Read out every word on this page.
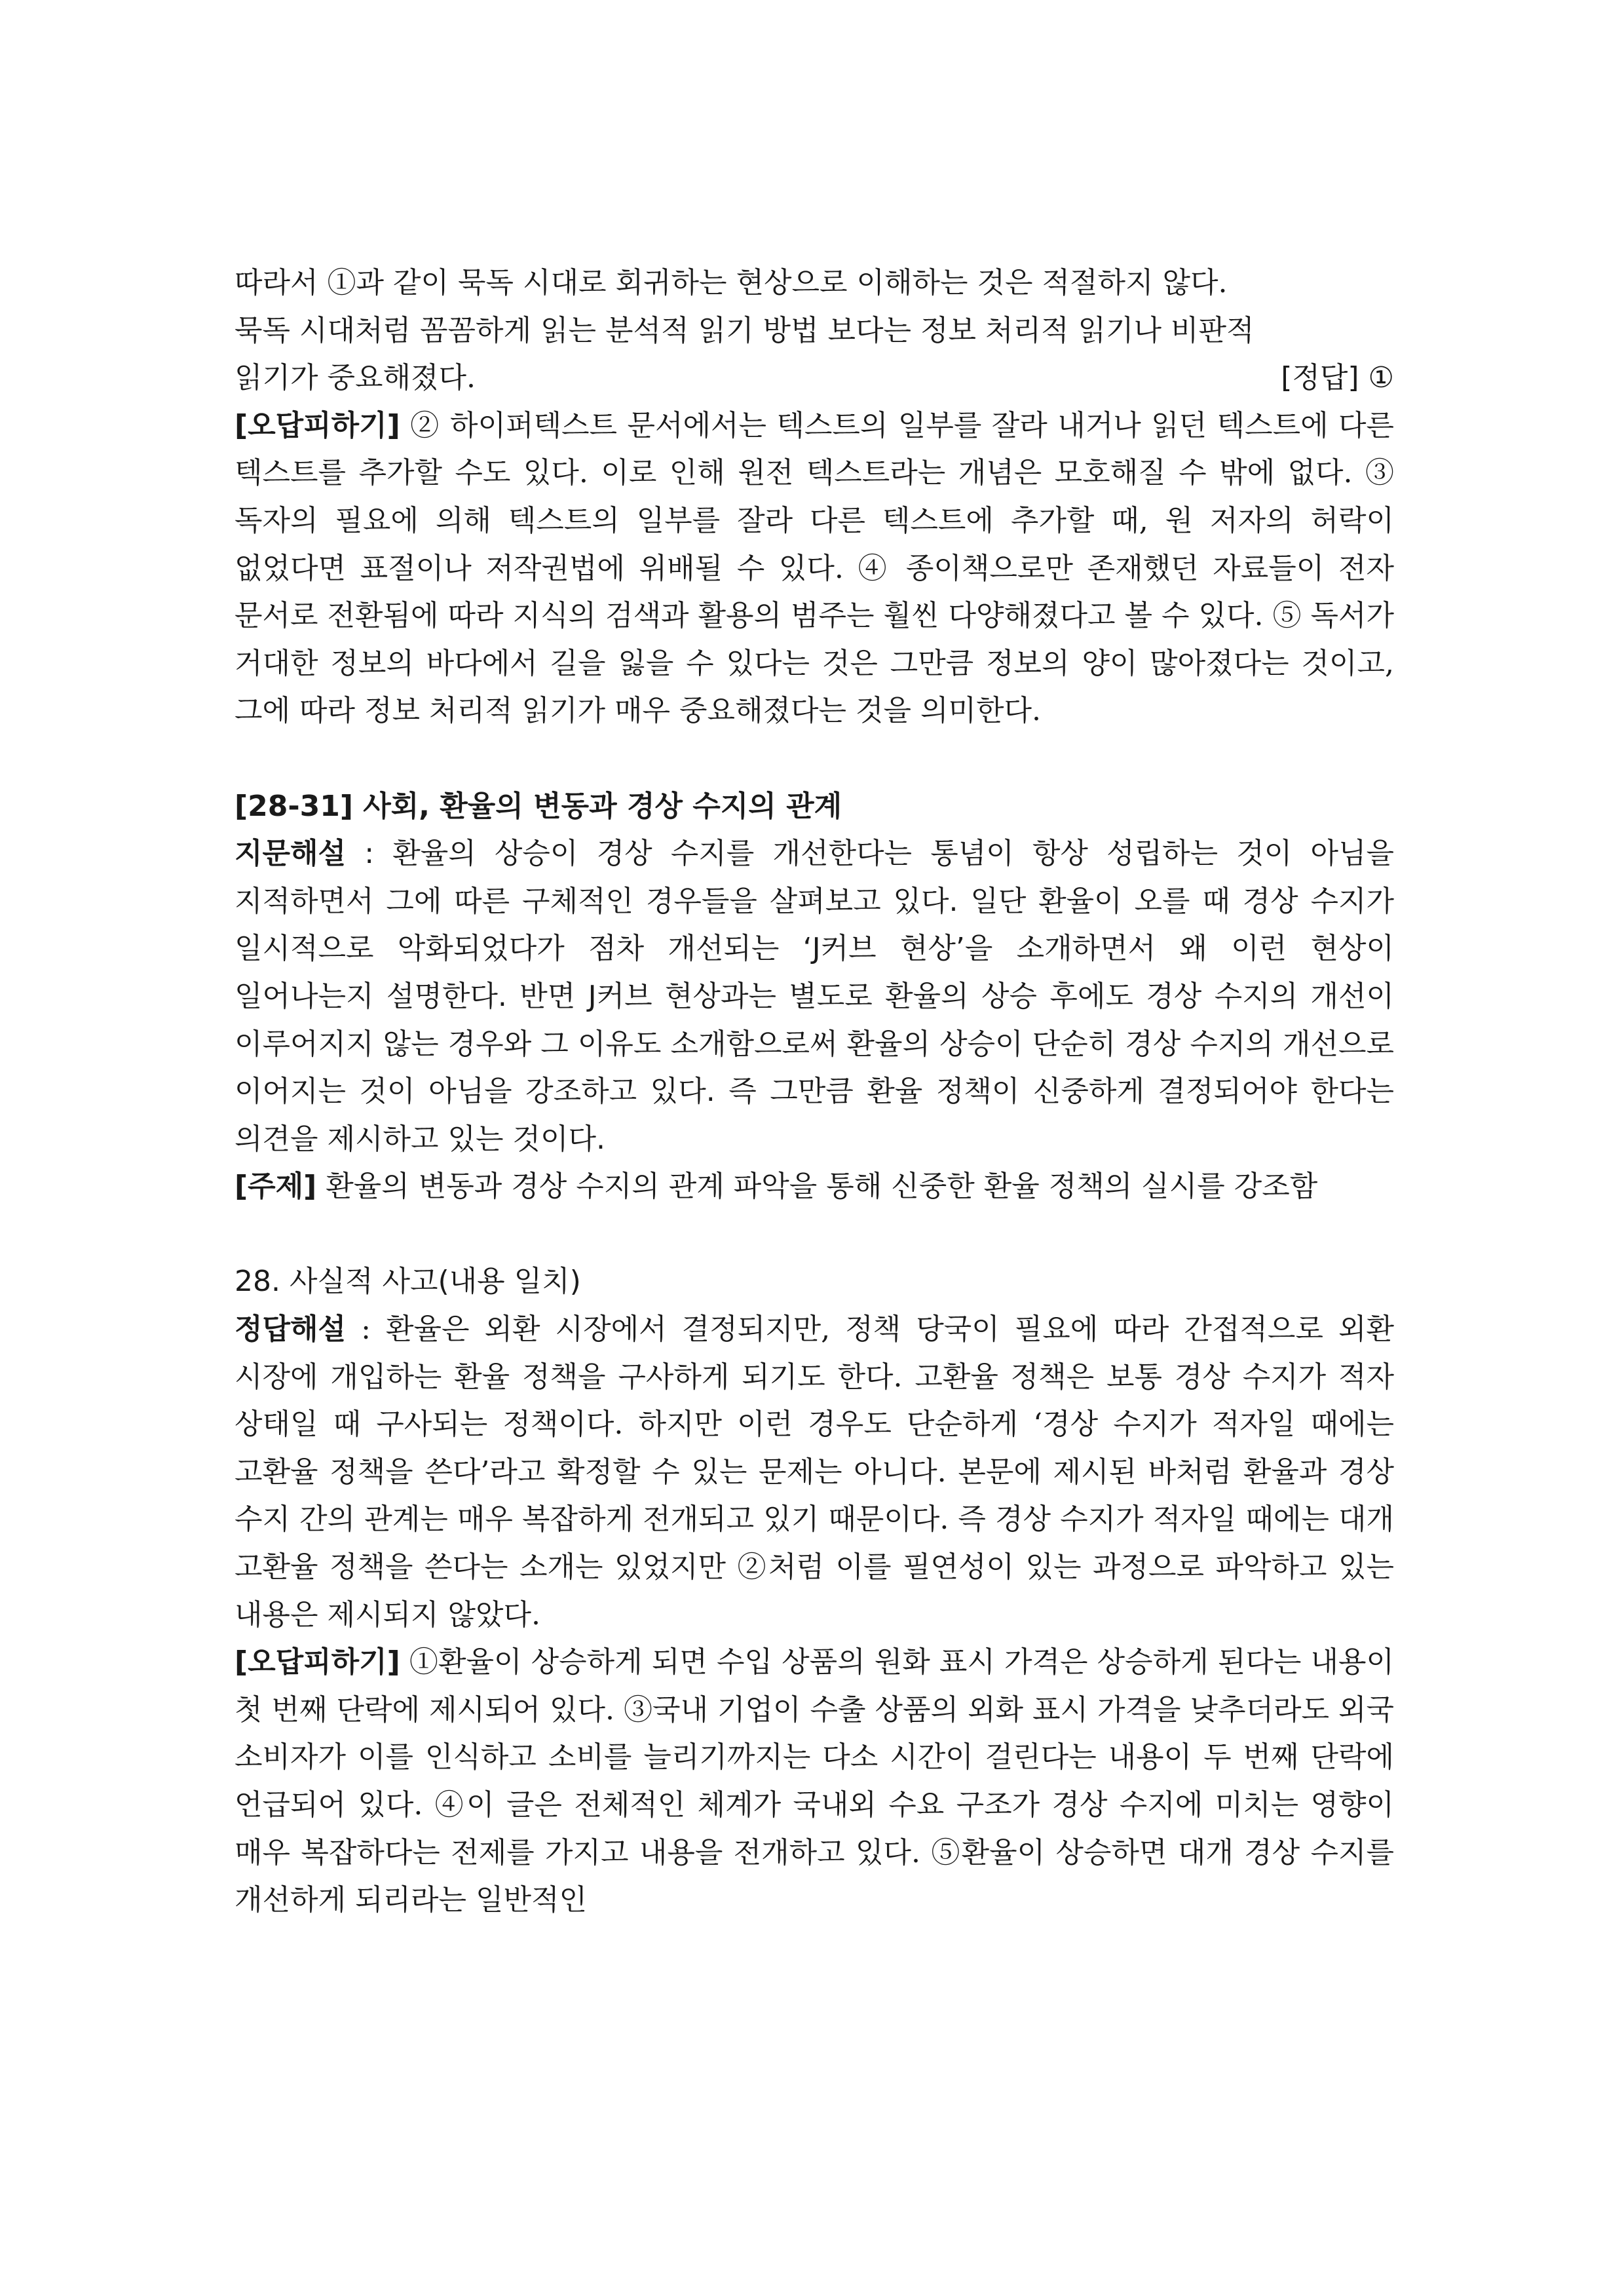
따라서 ①과 같이 묵독 시대로 회귀하는 현상으로 이해하는 것은 적절하지 않다.

묵독 시대처럼 꼼꼼하게 읽는 분석적 읽기 방법 보다는 정보 처리적 읽기나 비판적

읽기가 중요해졌다.	[정답] ①

[오답피하기] ② 하이퍼텍스트 문서에서는 텍스트의 일부를 잘라 내거나 읽던 텍스트에 다른 텍스트를 추가할 수도 있다. 이로 인해 원전 텍스트라는 개념은 모호해질 수 밖에 없다. ③ 독자의 필요에 의해 텍스트의 일부를 잘라 다른 텍스트에 추가할 때, 원 저자의 허락이 없었다면 표절이나 저작권법에 위배될 수 있다. ④ 종이책으로만 존재했던 자료들이 전자 문서로 전환됨에 따라 지식의 검색과 활용의 범주는 훨씬 다양해졌다고 볼 수 있다. ⑤ 독서가 거대한 정보의 바다에서 길을 잃을 수 있다는 것은 그만큼 정보의 양이 많아졌다는 것이고, 그에 따라 정보 처리적 읽기가 매우 중요해졌다는 것을 의미한다.

[28-31] 사회, 환율의 변동과 경상 수지의 관계

지문해설 : 환율의 상승이 경상 수지를 개선한다는 통념이 항상 성립하는 것이 아님을 지적하면서 그에 따른 구체적인 경우들을 살펴보고 있다. 일단 환율이 오를 때 경상 수지가 일시적으로 악화되었다가 점차 개선되는 ‘J커브 현상’을 소개하면서 왜 이런 현상이 일어나는지 설명한다. 반면 J커브 현상과는 별도로 환율의 상승 후에도 경상 수지의 개선이 이루어지지 않는 경우와 그 이유도 소개함으로써 환율의 상승이 단순히 경상 수지의 개선으로 이어지는 것이 아님을 강조하고 있다. 즉 그만큼 환율 정책이 신중하게 결정되어야 한다는 의견을 제시하고 있는 것이다.

[주제] 환율의 변동과 경상 수지의 관계 파악을 통해 신중한 환율 정책의 실시를 강조함

28. 사실적 사고(내용 일치)

정답해설 : 환율은 외환 시장에서 결정되지만, 정책 당국이 필요에 따라 간접적으로 외환 시장에 개입하는 환율 정책을 구사하게 되기도 한다. 고환율 정책은 보통 경상 수지가 적자 상태일 때 구사되는 정책이다. 하지만 이런 경우도 단순하게 ‘경상 수지가 적자일 때에는 고환율 정책을 쓴다’라고 확정할 수 있는 문제는 아니다. 본문에 제시된 바처럼 환율과 경상 수지 간의 관계는 매우 복잡하게 전개되고 있기 때문이다. 즉 경상 수지가 적자일 때에는 대개 고환율 정책을 쓴다는 소개는 있었지만 ②처럼 이를 필연성이 있는 과정으로 파악하고 있는 내용은 제시되지 않았다.

[오답피하기] ①환율이 상승하게 되면 수입 상품의 원화 표시 가격은 상승하게 된다는 내용이 첫 번째 단락에 제시되어 있다. ③국내 기업이 수출 상품의 외화 표시 가격을 낮추더라도 외국 소비자가 이를 인식하고 소비를 늘리기까지는 다소 시간이 걸린다는 내용이 두 번째 단락에 언급되어 있다. ④이 글은 전체적인 체계가 국내외 수요 구조가 경상 수지에 미치는 영향이 매우 복잡하다는 전제를 가지고 내용을 전개하고 있다. ⑤환율이 상승하면 대개 경상 수지를 개선하게 되리라는 일반적인
